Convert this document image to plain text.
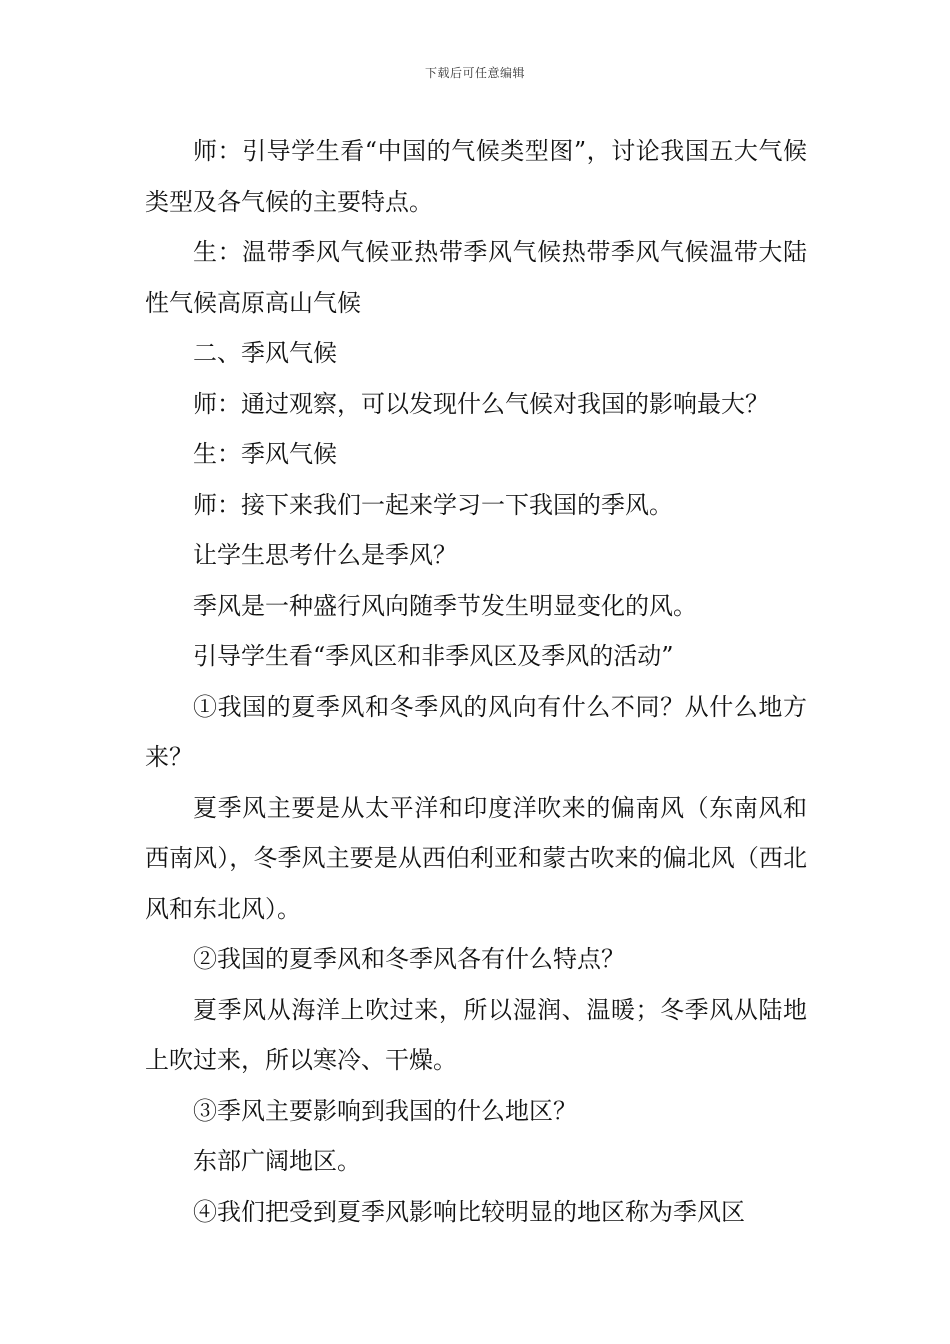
下载后可任意编辑

师：引导学生看“中国的气候类型图”，讨论我国五大气候类型及各气候的主要特点。

生：温带季风气候亚热带季风气候热带季风气候温带大陆性气候高原高山气候

二、季风气候

师：通过观察，可以发现什么气候对我国的影响最大？

生：季风气候

师：接下来我们一起来学习一下我国的季风。

让学生思考什么是季风？

季风是一种盛行风向随季节发生明显变化的风。

引导学生看“季风区和非季风区及季风的活动”

①我国的夏季风和冬季风的风向有什么不同？从什么地方来？

夏季风主要是从太平洋和印度洋吹来的偏南风（东南风和西南风），冬季风主要是从西伯利亚和蒙古吹来的偏北风（西北风和东北风）。

②我国的夏季风和冬季风各有什么特点？

夏季风从海洋上吹过来，所以湿润、温暖；冬季风从陆地上吹过来，所以寒冷、干燥。

③季风主要影响到我国的什么地区？

东部广阔地区。

④我们把受到夏季风影响比较明显的地区称为季风区
